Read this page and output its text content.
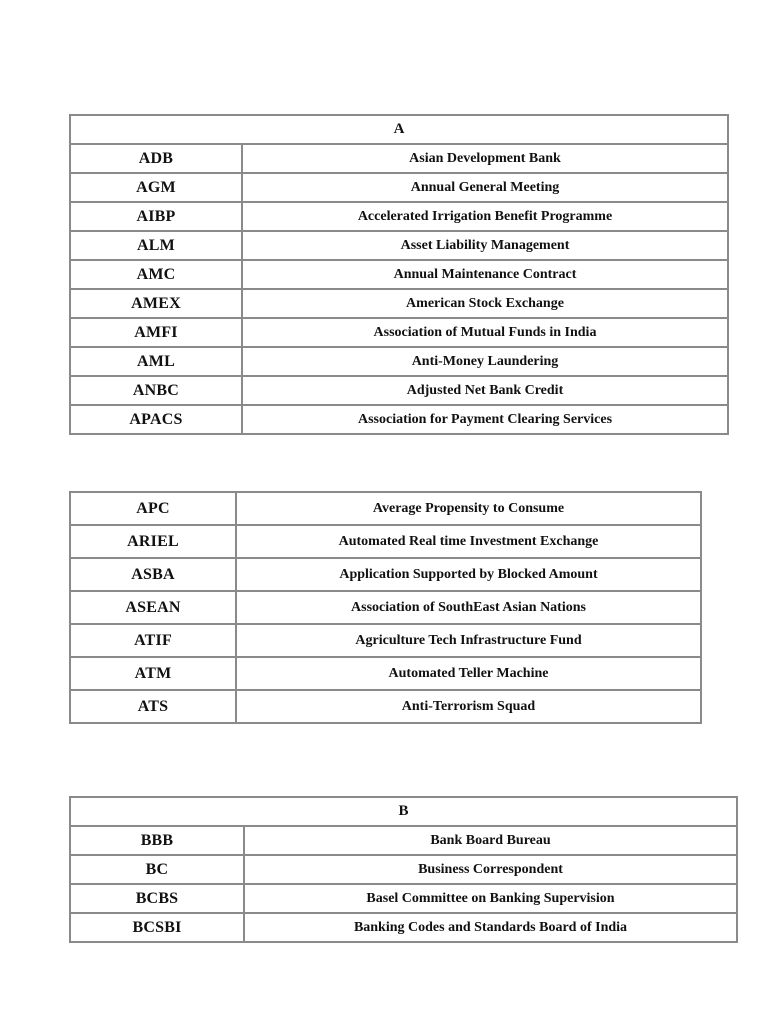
A	
ADB	Asian Development Bank
AGM	Annual General Meeting
AIBP	Accelerated Irrigation Benefit Programme
ALM	Asset Liability Management
AMC	Annual Maintenance Contract
AMEX	American Stock Exchange
AMFI	Association of Mutual Funds in India
AML	Anti-Money Laundering
ANBC	Adjusted Net Bank Credit
APACS	Association for Payment Clearing Services
APC	Average Propensity to Consume
ARIEL	Automated Real time Investment Exchange
ASBA	Application Supported by Blocked Amount
ASEAN	Association of SouthEast Asian Nations
ATIF	Agriculture Tech Infrastructure Fund
ATM	Automated Teller Machine
ATS	Anti-Terrorism Squad
B	
BBB	Bank Board Bureau
BC	Business Correspondent
BCBS	Basel Committee on Banking Supervision
BCSBI	Banking Codes and Standards Board of India
